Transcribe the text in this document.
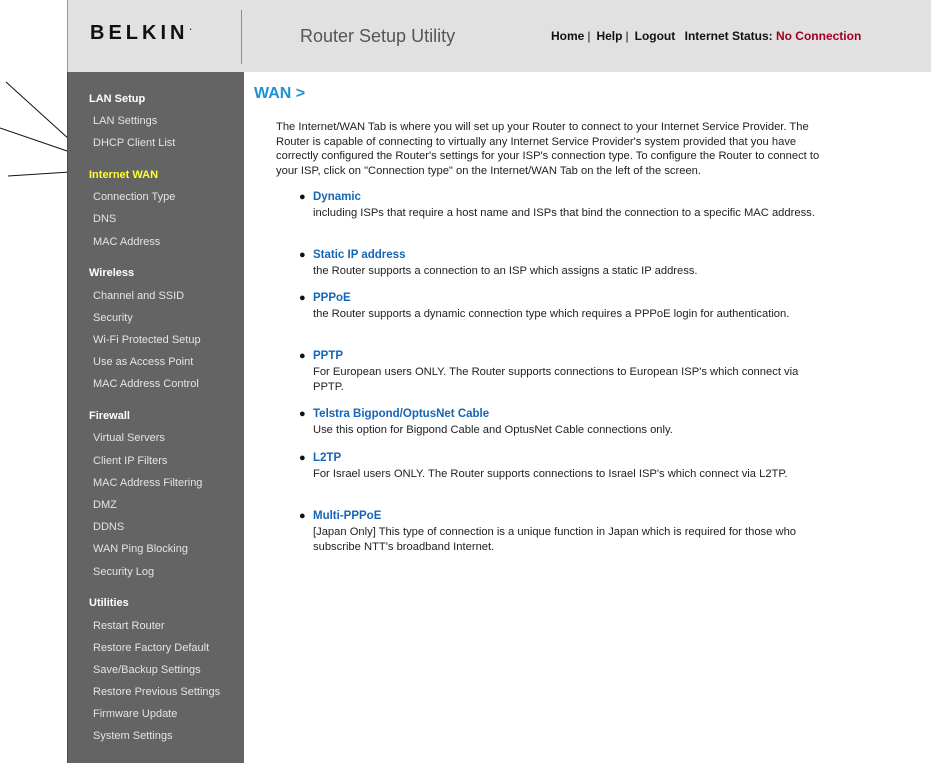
BELKIN.	Router Setup Utility	Home | Help | Logout Internet Status: No Connection
LAN Setup
LAN Settings
DHCP Client List
Internet WAN
Connection Type
DNS
MAC Address
Wireless
Channel and SSID
Security
Wi-Fi Protected Setup
Use as Access Point
MAC Address Control
Firewall
Virtual Servers
Client IP Filters
MAC Address Filtering
DMZ
DDNS
WAN Ping Blocking
Security Log
Utilities
Restart Router
Restore Factory Default
Save/Backup Settings
Restore Previous Settings
Firmware Update
System Settings
WAN >
The Internet/WAN Tab is where you will set up your Router to connect to your Internet Service Provider. The Router is capable of connecting to virtually any Internet Service Provider's system provided that you have correctly configured the Router's settings for your ISP's connection type. To configure the Router to connect to your ISP, click on "Connection type" on the Internet/WAN Tab on the left of the screen.
● Dynamic
including ISPs that require a host name and ISPs that bind the connection to a specific MAC address.
● Static IP address
the Router supports a connection to an ISP which assigns a static IP address.
● PPPoE
the Router supports a dynamic connection type which requires a PPPoE login for authentication.
● PPTP
For European users ONLY. The Router supports connections to European ISP's which connect via PPTP.
● Telstra Bigpond/OptusNet Cable
Use this option for Bigpond Cable and OptusNet Cable connections only.
● L2TP
For Israel users ONLY. The Router supports connections to Israel ISP's which connect via L2TP.
● Multi-PPPoE
[Japan Only] This type of connection is a unique function in Japan which is required for those who subscribe NTT's broadband Internet.
